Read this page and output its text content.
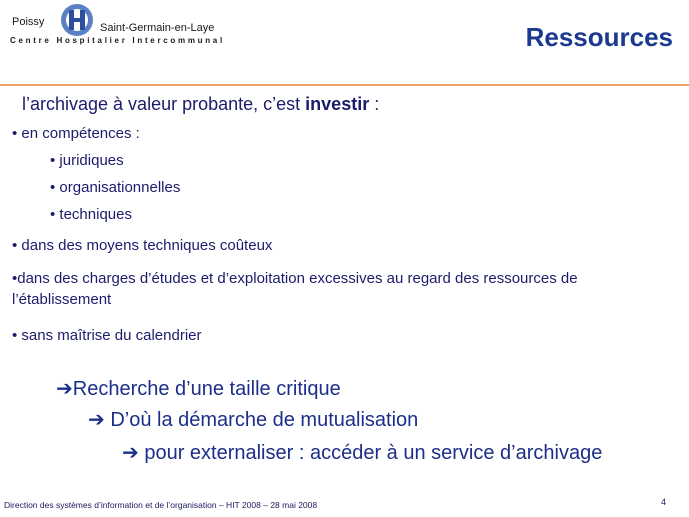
Poissy	Saint-Germain-en-Laye
Centre Hospitalier Intercommunal	Ressources
l’archivage à valeur probante, c’est investir :
• en compétences :
• juridiques
• organisationnelles
• techniques
• dans des moyens techniques coûteux
•dans des charges d’études et d’exploitation excessives au regard des ressources de l’établissement
• sans maîtrise du calendrier
➔Recherche d’une taille critique
➔ D’où la démarche de mutualisation
➔ pour externaliser : accéder à un service d’archivage
Direction des systèmes d’information et de l’organisation – HIT 2008 – 28 mai 2008	4
